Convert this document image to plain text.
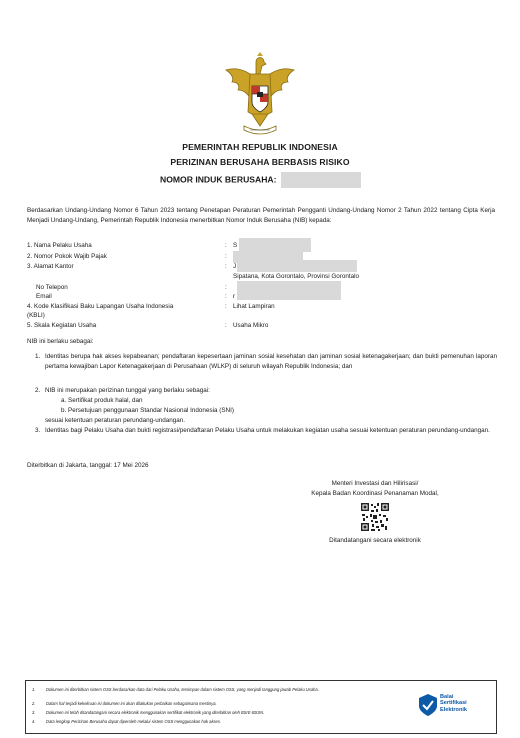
PEMERINTAH REPUBLIK INDONESIA
PERIZINAN BERUSAHA BERBASIS RISIKO
NOMOR INDUK BERUSAHA:
Berdasarkan Undang-Undang Nomor 6 Tahun 2023 tentang Penetapan Peraturan Pemerintah Pengganti Undang-Undang Nomor 2 Tahun 2022 tentang Cipta Kerja Menjadi Undang-Undang, Pemerintah Republik Indonesia menerbitkan Nomor Induk Berusaha (NIB) kepada:
1. Nama Pelaku Usaha	: S
2. Nomor Pokok Wajib Pajak	:
3. Alamat Kantor	: J
Sipatana, Kota Gorontalo, Provinsi Gorontalo
No Telepon	:
Email	: r
4. Kode Klasifikasi Baku Lapangan Usaha Indonesia	: Lihat Lampiran
(KBLI)
5. Skala Kegiatan Usaha	: Usaha Mikro
NIB ini berlaku sebagai:
1. Identitas berupa hak akses kepabeanan; pendaftaran kepesertaan jaminan sosial kesehatan dan jaminan sosial ketenagakerjaan; dan bukti pemenuhan laporan pertama kewajiban Lapor Ketenagakerjaan di Perusahaan (WLKP) di seluruh wilayah Republik Indonesia; dan
2. NIB ini merupakan perizinan tunggal yang berlaku sebagai:
a. Sertifikat produk halal, dan
b. Persetujuan penggunaan Standar Nasional Indonesia (SNI)
sesuai ketentuan peraturan perundang-undangan.
3. Identitas bagi Pelaku Usaha dan bukti registrasi/pendaftaran Pelaku Usaha untuk melakukan kegiatan usaha sesuai ketentuan peraturan perundang-undangan.
Diterbitkan di Jakarta, tanggal: 17 Mei 2026
Menteri Investasi dan Hilirisasi/
Kepala Badan Koordinasi Penanaman Modal,
Ditandatangani secara elektronik
1.	Dokumen ini diterbitkan sistem OSS berdasarkan data dari Pelaku Usaha, tersimpan dalam sistem OSS, yang menjadi tanggung jawab Pelaku Usaha.
2.	Dalam hal terjadi kekeliruan isi dokumen ini akan dilakukan perbaikan sebagaimana mestinya.
3.	Dokumen ini telah ditandatangani secara elektronik menggunakan sertifikat elektronik yang diterbitkan oleh BSrE-BSSN.
4.	Data lengkap Perizinan Berusaha dapat diperoleh melalui sistem OSS menggunakan hak akses.
Balai
Sertifikasi
Elektronik
